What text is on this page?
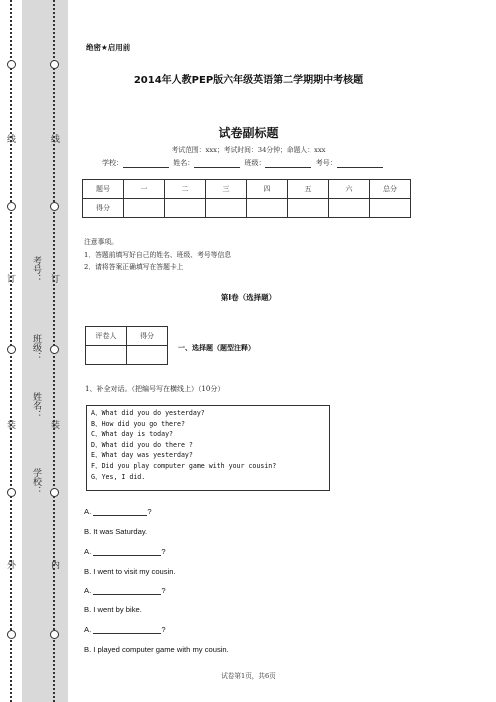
外
线
订
装
线
订
装
内
学校：
姓名：
班级：
考号：
绝密★启用前
2014年人教PEP版六年级英语第二学期期中考核题
试卷副标题
考试范围：xxx；考试时间：34分钟；命题人：xxx
学校：	姓名：	班级：	考号：
题号	一	二	三	四	五	六	总分
得分							
注意事项。
1．答题前填写好自己的姓名、班级、考号等信息
2．请将答案正确填写在答题卡上
第Ⅰ卷（选择题）
评卷人	得分

一、选择题（题型注释）
1、补全对话。（把编号写在横线上）（10分）
A、What did you do yesterday?
B、How did you go there?
C、What day is today?
D、What did you do there ?
E、What day was yesterday?
F、Did you play computer game with your cousin?
G、Yes, I did.
A.	?
B. It was Saturday.
A.	?
B. I went to visit my cousin.
A.	?
B. I went by bike.
A.	?
B. I played computer game with my cousin.
试卷第1页，共6页
